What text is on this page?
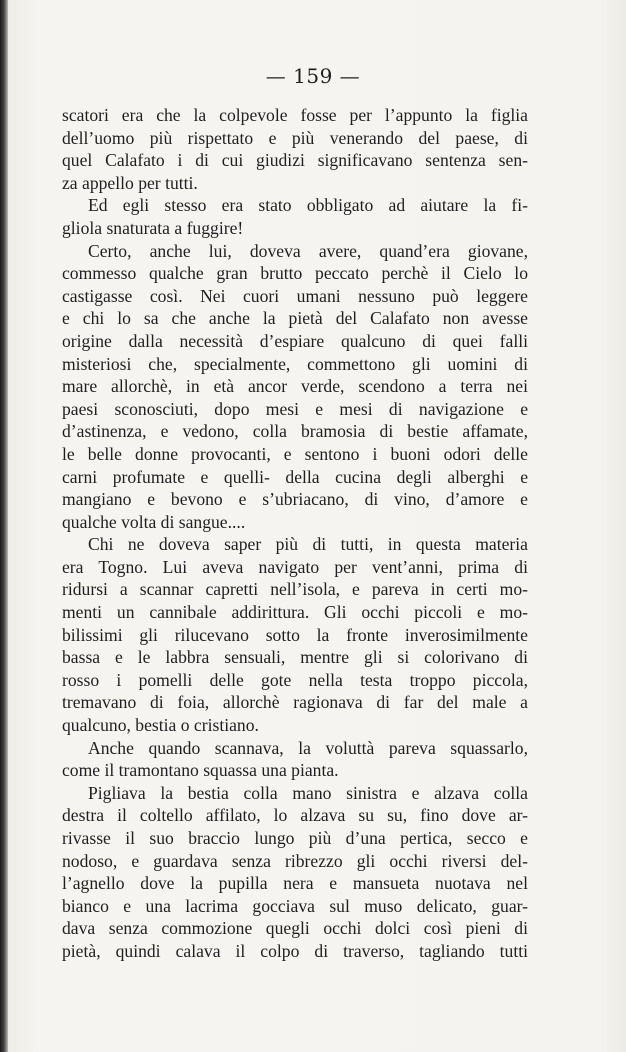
— 159 —
scatori era che la colpevole fosse per l’appunto la figlia
dell’uomo più rispettato e più venerando del paese, di
quel Calafato i di cui giudizi significavano sentenza sen-
za appello per tutti.
Ed egli stesso era stato obbligato ad aiutare la fi-
gliola snaturata a fuggire!
Certo, anche lui, doveva avere, quand’era giovane,
commesso qualche gran brutto peccato perchè il Cielo lo
castigasse così. Nei cuori umani nessuno può leggere
e chi lo sa che anche la pietà del Calafato non avesse
origine dalla necessità d’espiare qualcuno di quei falli
misteriosi che, specialmente, commettono gli uomini di
mare allorchè, in età ancor verde, scendono a terra nei
paesi sconosciuti, dopo mesi e mesi di navigazione e
d’astinenza, e vedono, colla bramosia di bestie affamate,
le belle donne provocanti, e sentono i buoni odori delle
carni profumate e quelli- della cucina degli alberghi e
mangiano e bevono e s’ubriacano, di vino, d’amore e
qualche volta di sangue....
Chi ne doveva saper più di tutti, in questa materia
era Togno. Lui aveva navigato per vent’anni, prima di
ridursi a scannar capretti nell’isola, e pareva in certi mo-
menti un cannibale addirittura. Gli occhi piccoli e mo-
bilissimi gli rilucevano sotto la fronte inverosimilmente
bassa e le labbra sensuali, mentre gli si colorivano di
rosso i pomelli delle gote nella testa troppo piccola,
tremavano di foia, allorchè ragionava di far del male a
qualcuno, bestia o cristiano.
Anche quando scannava, la voluttà pareva squassarlo,
come il tramontano squassa una pianta.
Pigliava la bestia colla mano sinistra e alzava colla
destra il coltello affilato, lo alzava su su, fino dove ar-
rivasse il suo braccio lungo più d’una pertica, secco e
nodoso, e guardava senza ribrezzo gli occhi riversi del-
l’agnello dove la pupilla nera e mansueta nuotava nel
bianco e una lacrima gocciava sul muso delicato, guar-
dava senza commozione quegli occhi dolci così pieni di
pietà, quindi calava il colpo di traverso, tagliando tutti
